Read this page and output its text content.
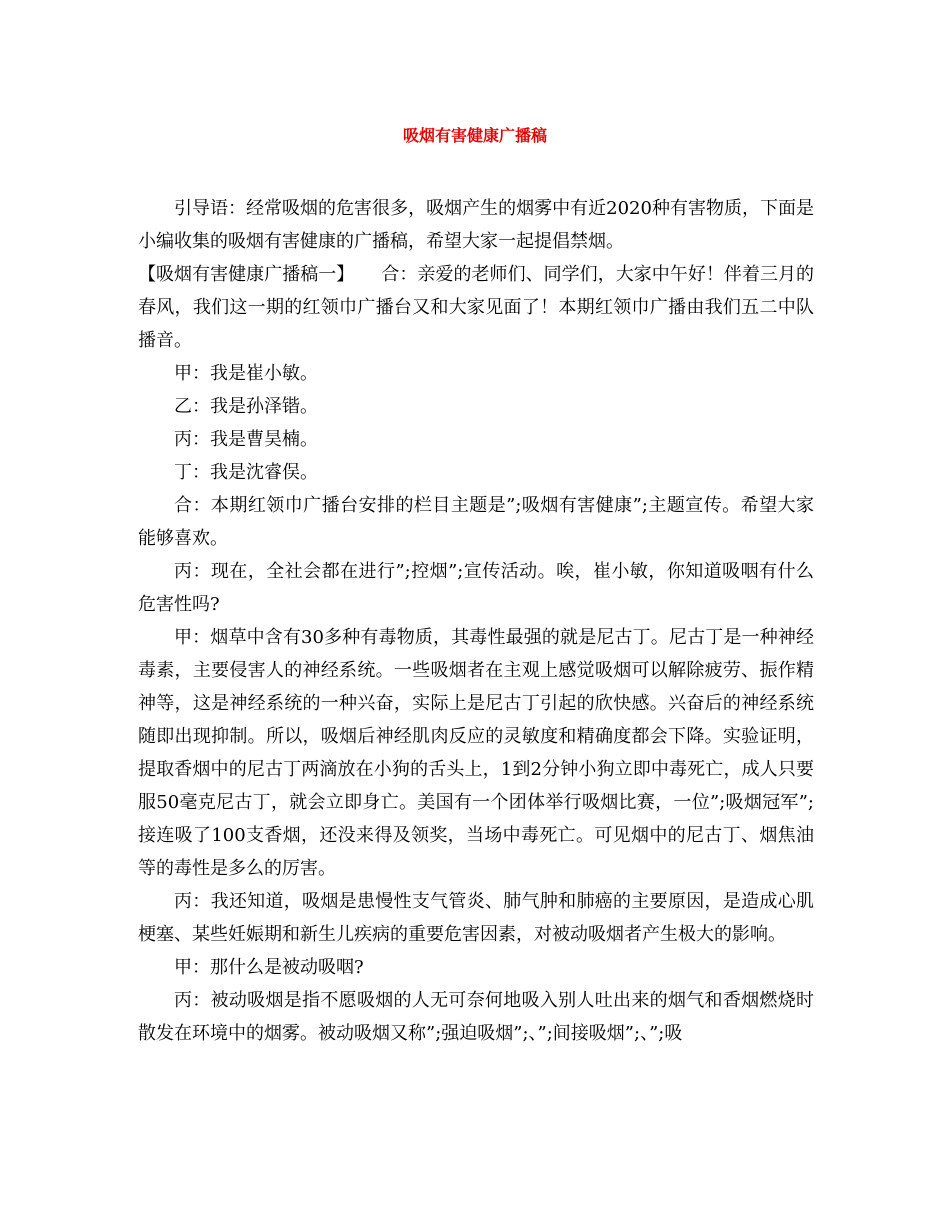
吸烟有害健康广播稿

引导语：经常吸烟的危害很多，吸烟产生的烟雾中有近2020种有害物质，下面是小编收集的吸烟有害健康的广播稿，希望大家一起提倡禁烟。

【吸烟有害健康广播稿一】　　合：亲爱的老师们、同学们，大家中午好！伴着三月的春风，我们这一期的红领巾广播台又和大家见面了！本期红领巾广播由我们五二中队播音。

甲：我是崔小敏。

乙：我是孙泽锴。

丙：我是曹昊楠。

丁：我是沈睿俣。

合：本期红领巾广播台安排的栏目主题是”;吸烟有害健康”;主题宣传。希望大家能够喜欢。

丙：现在，全社会都在进行”;控烟”;宣传活动。唉，崔小敏，你知道吸咽有什么危害性吗?

甲：烟草中含有30多种有毒物质，其毒性最强的就是尼古丁。尼古丁是一种神经毒素，主要侵害人的神经系统。一些吸烟者在主观上感觉吸烟可以解除疲劳、振作精神等，这是神经系统的一种兴奋，实际上是尼古丁引起的欣快感。兴奋后的神经系统随即出现抑制。所以，吸烟后神经肌肉反应的灵敏度和精确度都会下降。实验证明，提取香烟中的尼古丁两滴放在小狗的舌头上，1到2分钟小狗立即中毒死亡，成人只要服50毫克尼古丁，就会立即身亡。美国有一个团体举行吸烟比赛，一位”;吸烟冠军”;接连吸了100支香烟，还没来得及领奖，当场中毒死亡。可见烟中的尼古丁、烟焦油等的毒性是多么的厉害。

丙：我还知道，吸烟是患慢性支气管炎、肺气肿和肺癌的主要原因，是造成心肌梗塞、某些妊娠期和新生儿疾病的重要危害因素，对被动吸烟者产生极大的影响。

甲：那什么是被动吸咽?

丙：被动吸烟是指不愿吸烟的人无可奈何地吸入别人吐出来的烟气和香烟燃烧时散发在环境中的烟雾。被动吸烟又称”;强迫吸烟”;、”;间接吸烟”;、”;吸
